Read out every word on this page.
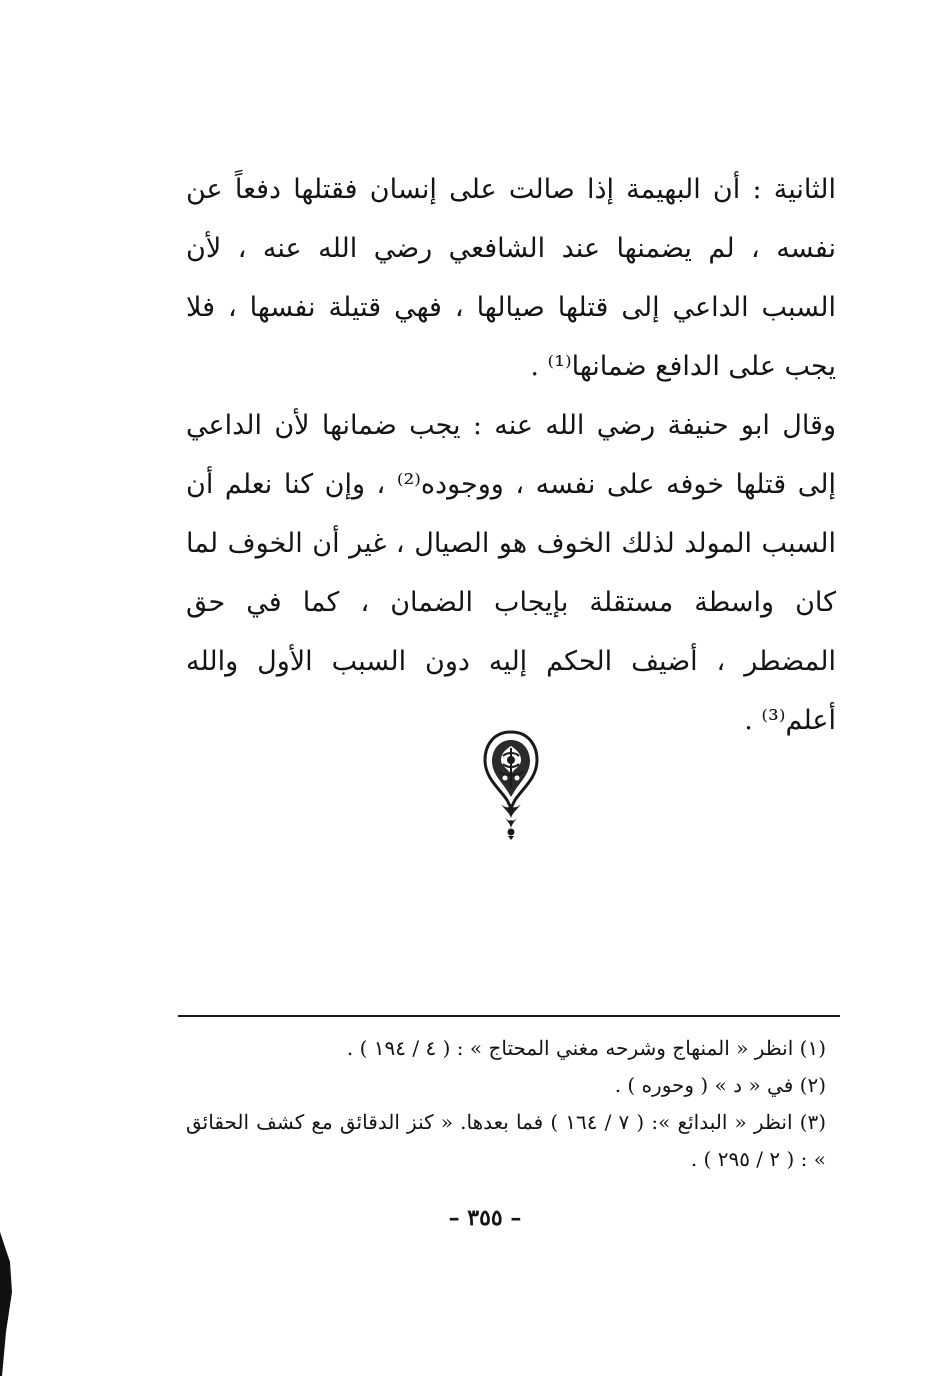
الثانية : أن البهيمة إذا صالت على إنسان فقتلها دفعاً عن نفسه ، لم يضمنها عند الشافعي رضي الله عنه ، لأن السبب الداعي إلى قتلها صيالها ، فهي قتيلة نفسها ، فلا يجب على الدافع ضمانها⁽¹⁾ .

وقال ابو حنيفة رضي الله عنه : يجب ضمانها لأن الداعي إلى قتلها خوفه على نفسه ، ووجوده⁽²⁾ ، وإن كنا نعلم أن السبب المولد لذلك الخوف هو الصيال ، غير أن الخوف لما كان واسطة مستقلة بإيجاب الضمان ، كما في حق المضطر ، أضيف الحكم إليه دون السبب الأول والله أعلم⁽³⁾ .

(١) انظر « المنهاج وشرحه مغني المحتاج » : ( ٤ / ١٩٤ ) .

(٢) في « د » ( وحوره ) .

(٣) انظر « البدائع »: ( ٧ / ١٦٤ ) فما بعدها. « كنز الدقائق مع كشف الحقائق » : ( ٢ / ٢٩٥ ) .

– ٣٥٥ –
